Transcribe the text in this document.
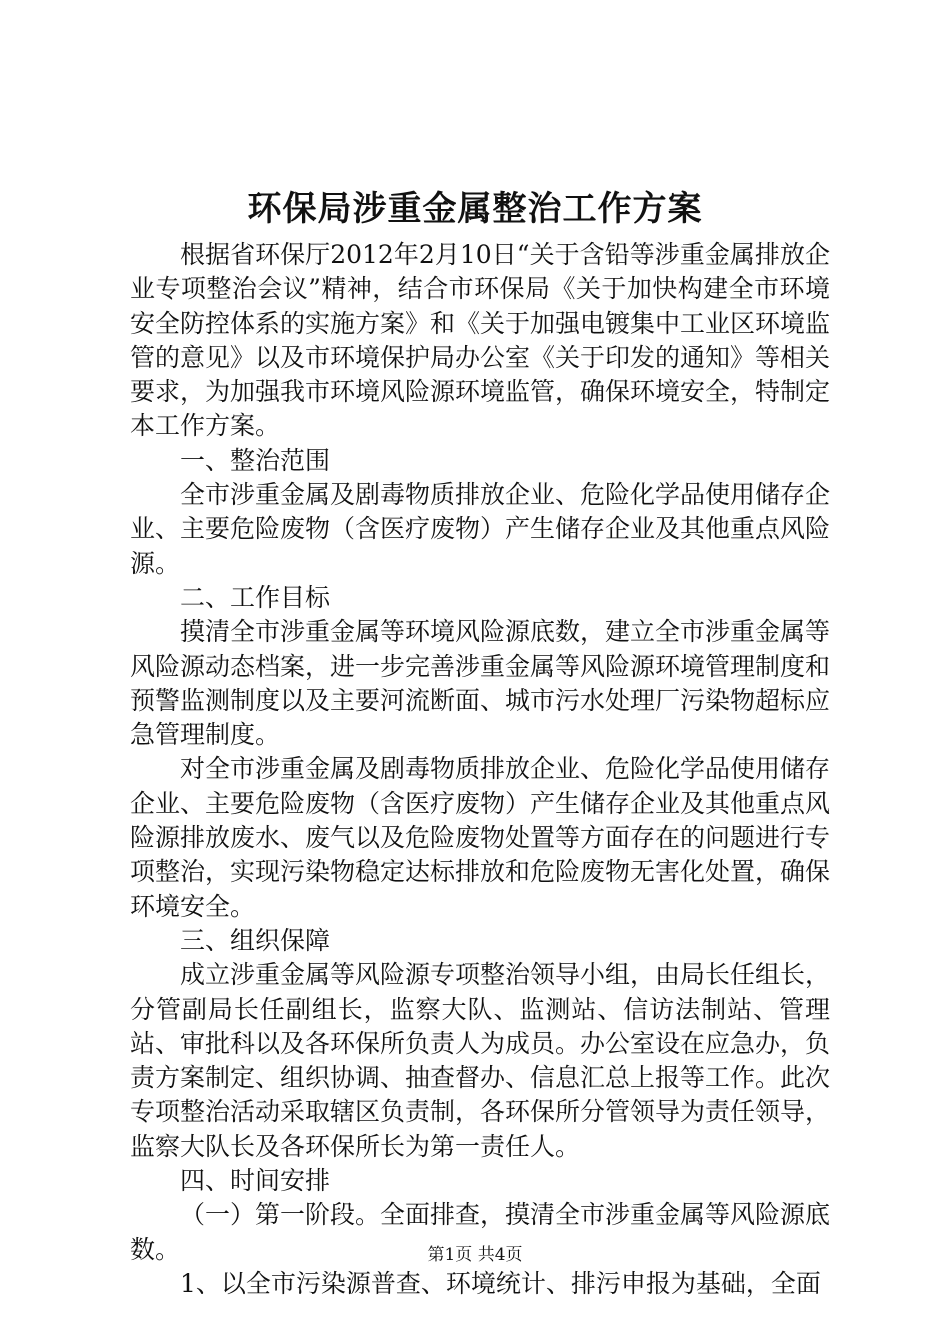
环保局涉重金属整治工作方案

根据省环保厅2012年2月10日“关于含铅等涉重金属排放企业专项整治会议”精神，结合市环保局《关于加快构建全市环境安全防控体系的实施方案》和《关于加强电镀集中工业区环境监管的意见》以及市环境保护局办公室《关于印发的通知》等相关要求，为加强我市环境风险源环境监管，确保环境安全，特制定本工作方案。

一、整治范围

全市涉重金属及剧毒物质排放企业、危险化学品使用储存企业、主要危险废物（含医疗废物）产生储存企业及其他重点风险源。

二、工作目标

摸清全市涉重金属等环境风险源底数，建立全市涉重金属等风险源动态档案，进一步完善涉重金属等风险源环境管理制度和预警监测制度以及主要河流断面、城市污水处理厂污染物超标应急管理制度。

对全市涉重金属及剧毒物质排放企业、危险化学品使用储存企业、主要危险废物（含医疗废物）产生储存企业及其他重点风险源排放废水、废气以及危险废物处置等方面存在的问题进行专项整治，实现污染物稳定达标排放和危险废物无害化处置，确保环境安全。

三、组织保障

成立涉重金属等风险源专项整治领导小组，由局长任组长，分管副局长任副组长，监察大队、监测站、信访法制站、管理站、审批科以及各环保所负责人为成员。办公室设在应急办，负责方案制定、组织协调、抽查督办、信息汇总上报等工作。此次专项整治活动采取辖区负责制，各环保所分管领导为责任领导，监察大队长及各环保所长为第一责任人。

四、时间安排

（一）第一阶段。全面排查，摸清全市涉重金属等风险源底数。

1、以全市污染源普查、环境统计、排污申报为基础，全面

第1页 共4页
